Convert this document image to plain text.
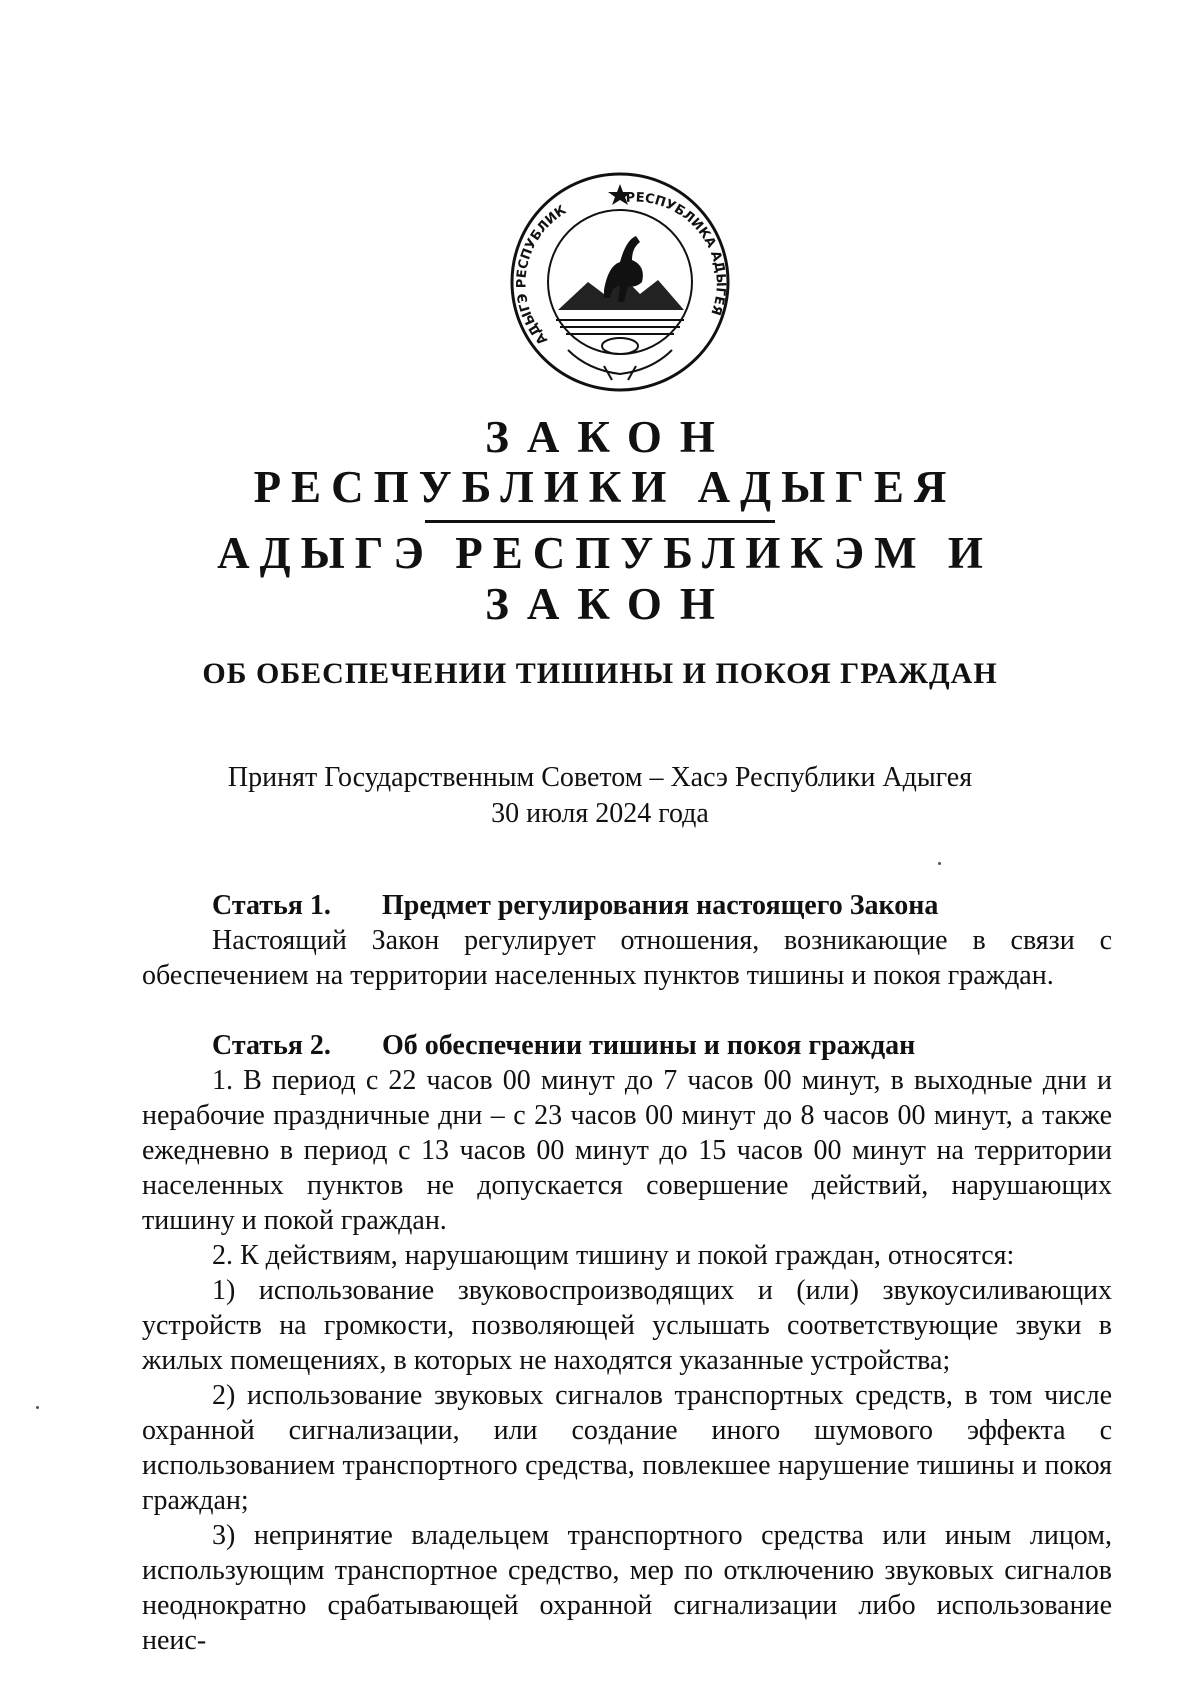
АДЫГЭ РЕСПУБЛИК
РЕСПУБЛИКА АДЫГЕЯ
ЗАКОН
РЕСПУБЛИКИ АДЫГЕЯ
АДЫГЭ РЕСПУБЛИКЭМ И
ЗАКОН
ОБ ОБЕСПЕЧЕНИИ ТИШИНЫ И ПОКОЯ ГРАЖДАН
Принят Государственным Советом – Хасэ Республики Адыгея
30 июля 2024 года
Статья 1. Предмет регулирования настоящего Закона

Настоящий Закон регулирует отношения, возникающие в связи с обеспечением на территории населенных пунктов тишины и покоя граждан.

Статья 2. Об обеспечении тишины и покоя граждан

1. В период с 22 часов 00 минут до 7 часов 00 минут, в выходные дни и нерабочие праздничные дни – с 23 часов 00 минут до 8 часов 00 минут, а также ежедневно в период с 13 часов 00 минут до 15 часов 00 минут на территории населенных пунктов не допускается совершение действий, нарушающих тишину и покой граждан.

2. К действиям, нарушающим тишину и покой граждан, относятся:

1) использование звуковоспроизводящих и (или) звукоусиливающих устройств на громкости, позволяющей услышать соответствующие звуки в жилых помещениях, в которых не находятся указанные устройства;

2) использование звуковых сигналов транспортных средств, в том числе охранной сигнализации, или создание иного шумового эффекта с использованием транспортного средства, повлекшее нарушение тишины и покоя граждан;

3) непринятие владельцем транспортного средства или иным лицом, использующим транспортное средство, мер по отключению звуковых сигналов неоднократно срабатывающей охранной сигнализации либо использование неис-
